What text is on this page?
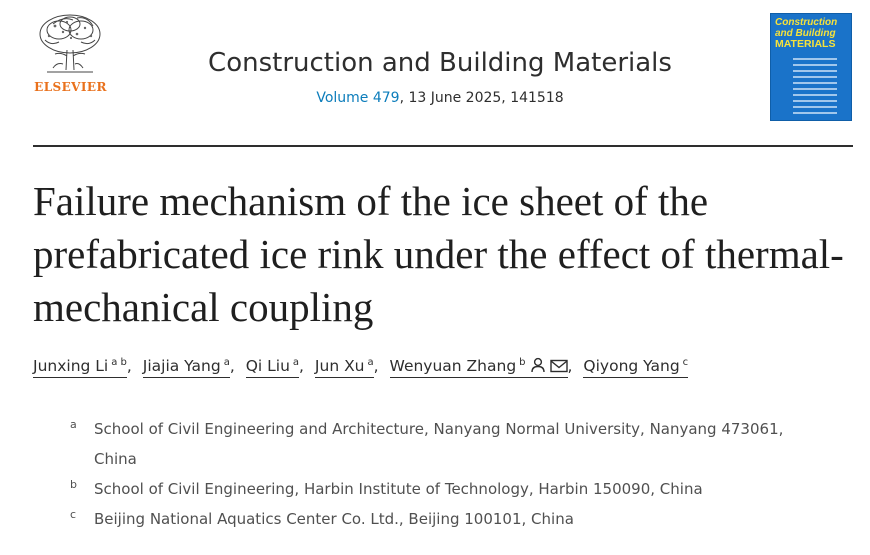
ELSEVIER
Construction and Building Materials
Volume 479, 13 June 2025, 141518
Construction
and Building
MATERIALS
Failure mechanism of the ice sheet of the prefabricated ice rink under the effect of thermal-mechanical coupling
Junxing Li $^{a b}$, Jiajia Yang $^a$, Qi Liu $^a$, Jun Xu $^a$, Wenyuan Zhang $^b$	, Qiyong Yang $^c$
a School of Civil Engineering and Architecture, Nanyang Normal University, Nanyang 473061, China
b School of Civil Engineering, Harbin Institute of Technology, Harbin 150090, China
c Beijing National Aquatics Center Co. Ltd., Beijing 100101, China
